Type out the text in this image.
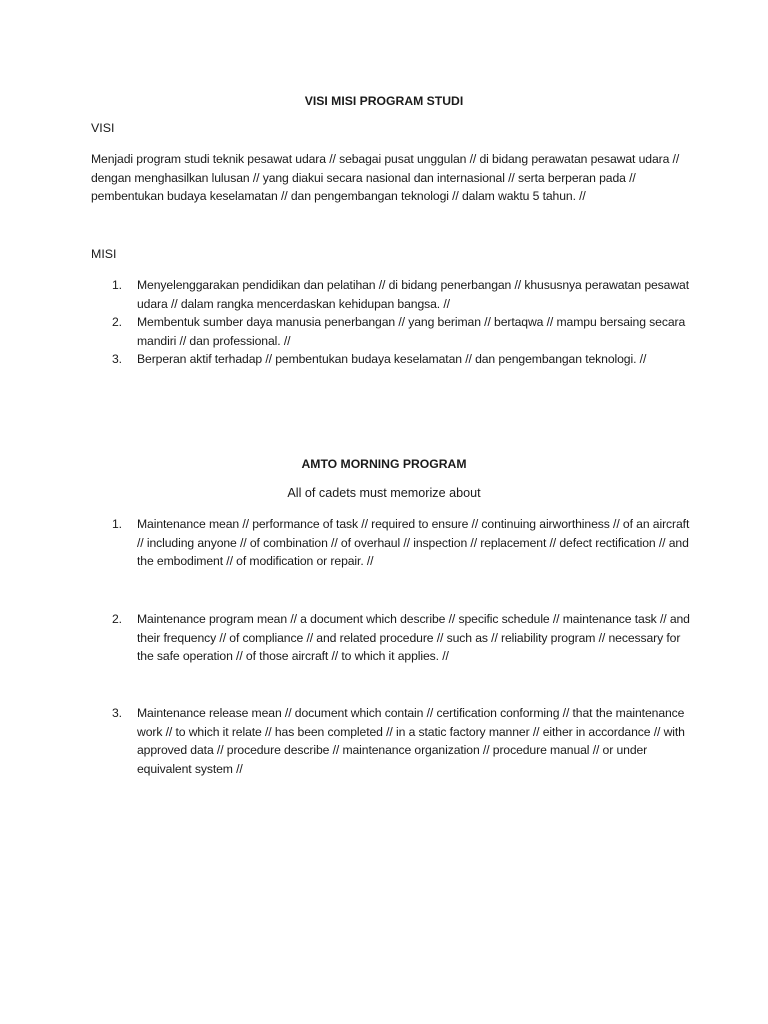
VISI MISI PROGRAM STUDI
VISI
Menjadi program studi teknik pesawat udara // sebagai pusat unggulan // di bidang perawatan pesawat udara // dengan menghasilkan lulusan // yang diakui secara nasional dan internasional // serta berperan pada // pembentukan budaya keselamatan // dan pengembangan teknologi // dalam waktu 5 tahun. //
MISI
1. Menyelenggarakan pendidikan dan pelatihan // di bidang penerbangan // khususnya perawatan pesawat udara // dalam rangka mencerdaskan kehidupan bangsa. //
2. Membentuk sumber daya manusia penerbangan // yang beriman // bertaqwa // mampu bersaing secara mandiri // dan professional. //
3. Berperan aktif terhadap // pembentukan budaya keselamatan // dan pengembangan teknologi. //
AMTO MORNING PROGRAM
All of cadets must memorize about
1. Maintenance mean // performance of task // required to ensure // continuing airworthiness // of an aircraft // including anyone // of combination // of overhaul // inspection // replacement // defect rectification // and the embodiment // of modification or repair. //
2. Maintenance program mean // a document which describe // specific schedule // maintenance task // and their frequency // of compliance // and related procedure // such as // reliability program // necessary for the safe operation // of those aircraft // to which it applies. //
3. Maintenance release mean // document which contain // certification conforming // that the maintenance work // to which it relate // has been completed // in a static factory manner // either in accordance // with approved data // procedure describe // maintenance organization // procedure manual // or under equivalent system //
